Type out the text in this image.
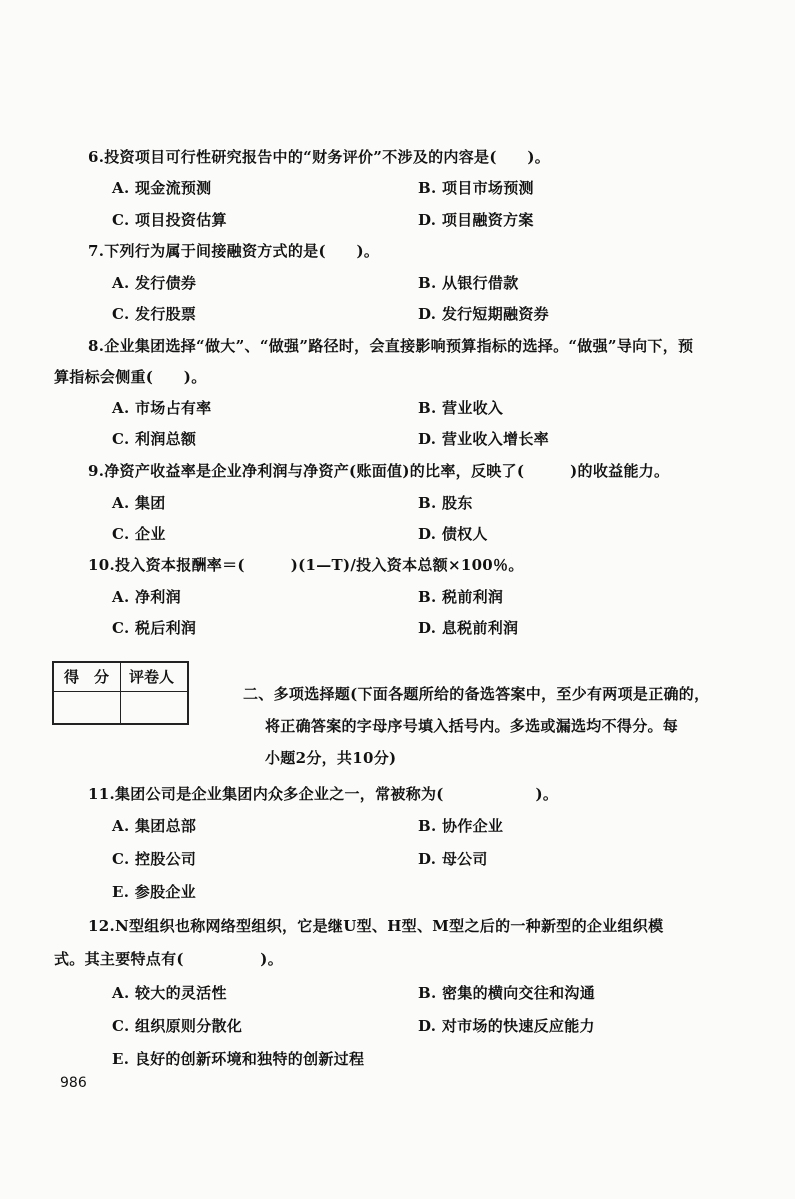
6.投资项目可行性研究报告中的“财务评价”不涉及的内容是(　　)。
A. 现金流预测	B. 项目市场预测
C. 项目投资估算	D. 项目融资方案
7.下列行为属于间接融资方式的是(　　)。
A. 发行债券	B. 从银行借款
C. 发行股票	D. 发行短期融资券
8.企业集团选择“做大”、“做强”路径时，会直接影响预算指标的选择。“做强”导向下，预
算指标会侧重(　　)。
A. 市场占有率	B. 营业收入
C. 利润总额	D. 营业收入增长率
9.净资产收益率是企业净利润与净资产(账面值)的比率，反映了(　　　)的收益能力。
A. 集团	B. 股东
C. 企业	D. 债权人
10.投入资本报酬率＝(　　　)(1—T)/投入资本总额×100％。
A. 净利润	B. 税前利润
C. 税后利润	D. 息税前利润
得　分 评卷人
二、多项选择题(下面各题所给的备选答案中，至少有两项是正确的，
将正确答案的字母序号填入括号内。多选或漏选均不得分。每
小题2分，共10分)
11.集团公司是企业集团内众多企业之一，常被称为(　　　　　　)。
A. 集团总部	B. 协作企业
C. 控股公司	D. 母公司
E. 参股企业
12.N型组织也称网络型组织，它是继U型、H型、M型之后的一种新型的企业组织模
式。其主要特点有(　　　　　)。
A. 较大的灵活性	B. 密集的横向交往和沟通
C. 组织原则分散化	D. 对市场的快速反应能力
E. 良好的创新环境和独特的创新过程
986
